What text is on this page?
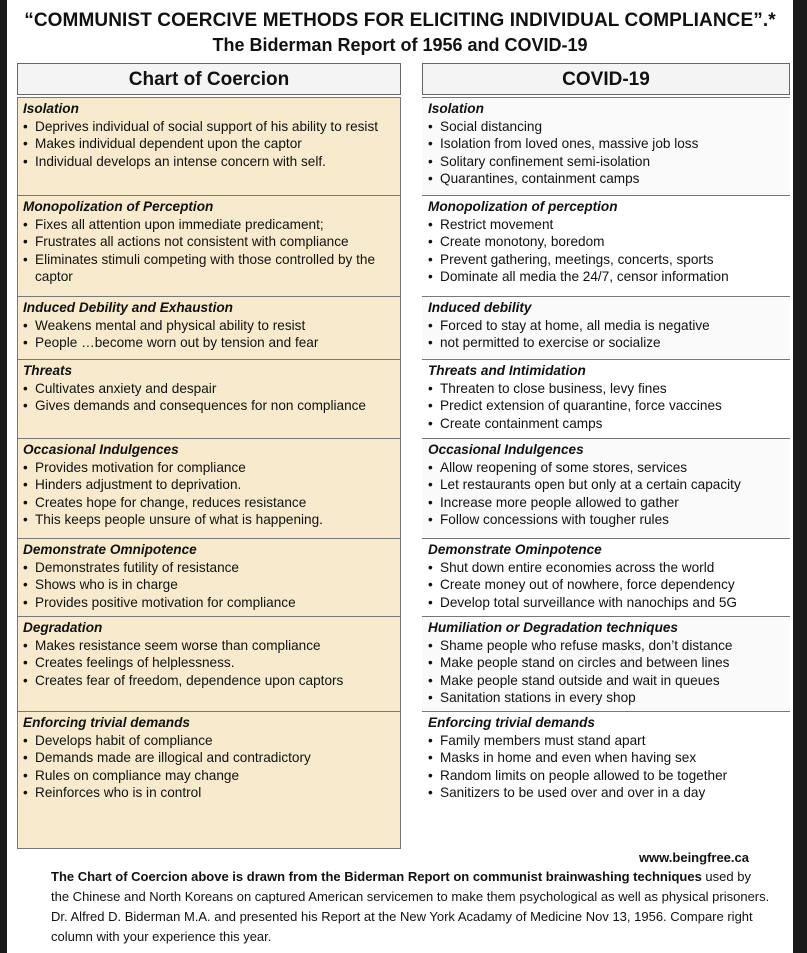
“COMMUNIST COERCIVE METHODS FOR ELICITING INDIVIDUAL COMPLIANCE”.*
The Biderman Report of 1956 and COVID-19
Chart of Coercion	COVID-19
Isolation
• Deprives individual of social support of his ability to resist
• Makes individual dependent upon the captor
• Individual develops an intense concern with self.
Isolation
• Social distancing
• Isolation from loved ones, massive job loss
• Solitary confinement semi-isolation
• Quarantines, containment camps
Monopolization of Perception
• Fixes all attention upon immediate predicament;
• Frustrates all actions not consistent with compliance
• Eliminates stimuli competing with those controlled by the captor
Monopolization of perception
• Restrict movement
• Create monotony, boredom
• Prevent gathering, meetings, concerts, sports
• Dominate all media the 24/7, censor information
Induced Debility and Exhaustion
• Weakens mental and physical ability to resist
• People …become worn out by tension and fear
Induced debility
• Forced to stay at home, all media is negative
• not permitted to exercise or socialize
Threats
• Cultivates anxiety and despair
• Gives demands and consequences for non compliance
Threats and Intimidation
• Threaten to close business, levy fines
• Predict extension of quarantine, force vaccines
• Create containment camps
Occasional Indulgences
• Provides motivation for compliance
• Hinders adjustment to deprivation.
• Creates hope for change, reduces resistance
• This keeps people unsure of what is happening.
Occasional Indulgences
• Allow reopening of some stores, services
• Let restaurants open but only at a certain capacity
• Increase more people allowed to gather
• Follow concessions with tougher rules
Demonstrate Omnipotence
• Demonstrates futility of resistance
• Shows who is in charge
• Provides positive motivation for compliance
Demonstrate Ominpotence
• Shut down entire economies across the world
• Create money out of nowhere, force dependency
• Develop total surveillance with nanochips and 5G
Degradation
• Makes resistance seem worse than compliance
• Creates feelings of helplessness.
• Creates fear of freedom, dependence upon captors
Humiliation or Degradation techniques
• Shame people who refuse masks, don’t distance
• Make people stand on circles and between lines
• Make people stand outside and wait in queues
• Sanitation stations in every shop
Enforcing trivial demands
• Develops habit of compliance
• Demands made are illogical and contradictory
• Rules on compliance may change
• Reinforces who is in control
Enforcing trivial demands
• Family members must stand apart
• Masks in home and even when having sex
• Random limits on people allowed to be together
• Sanitizers to be used over and over in a day
www.beingfree.ca
The Chart of Coercion above is drawn from the Biderman Report on communist brainwashing techniques used by the Chinese and North Koreans on captured American servicemen to make them psychological as well as physical prisoners. Dr. Alfred D. Biderman M.A. and presented his Report at the New York Acadamy of Medicine Nov 13, 1956. Compare right column with your experience this year.
